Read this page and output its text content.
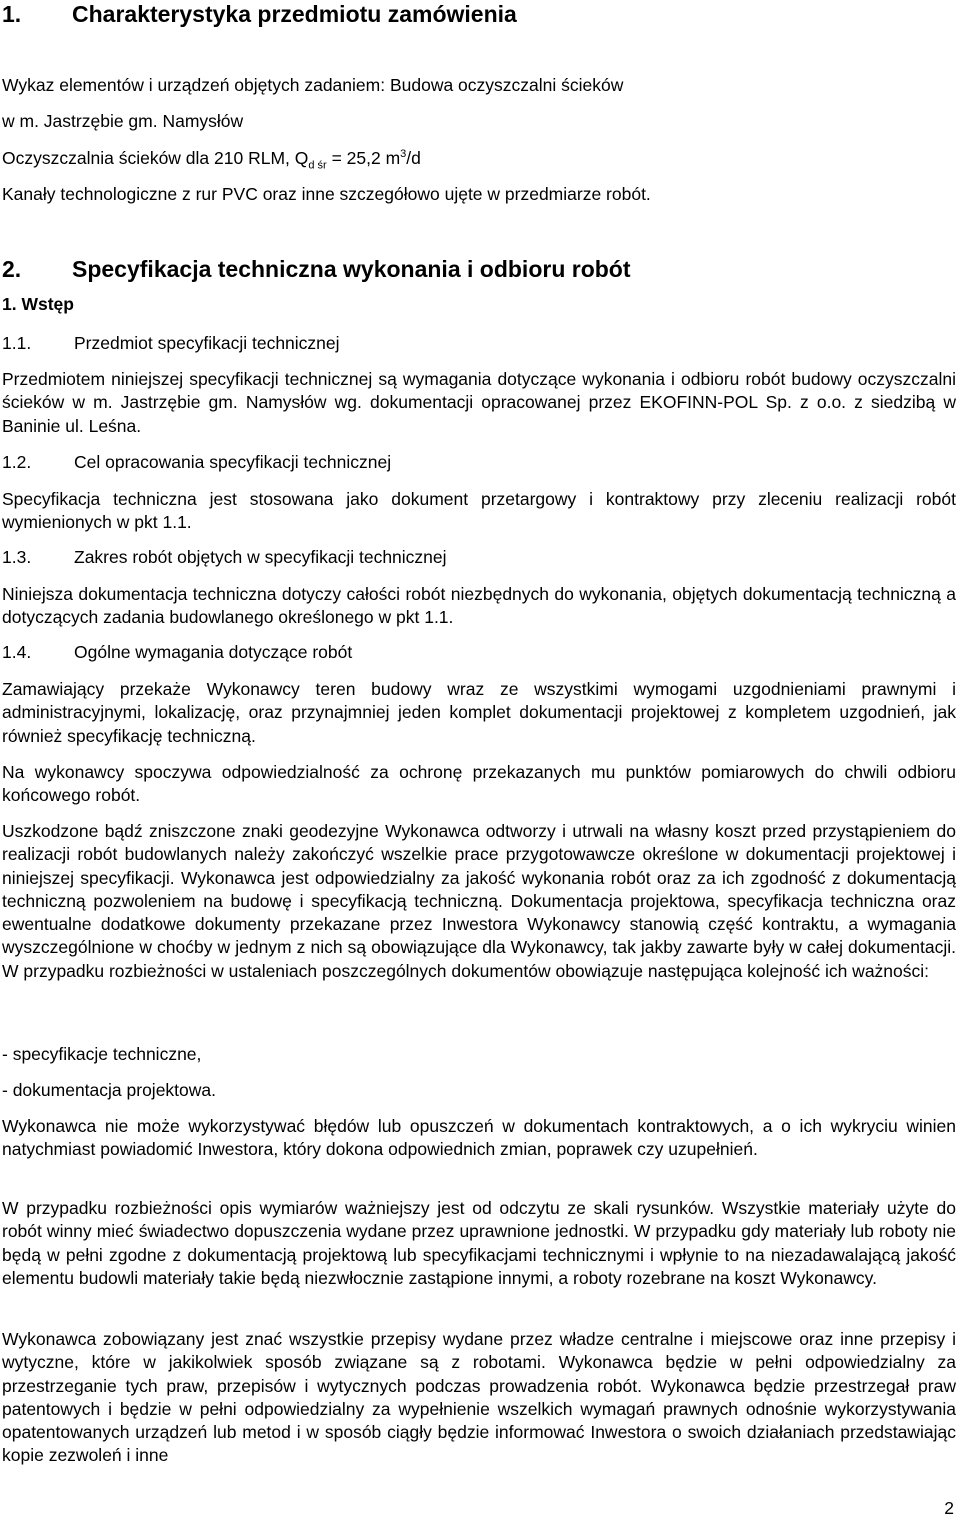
1. Charakterystyka przedmiotu zamówienia
Wykaz elementów i urządzeń objętych zadaniem: Budowa oczyszczalni ścieków
w m. Jastrzębie gm. Namysłów
Oczyszczalnia ścieków dla 210 RLM, $Q_{d śr} = 25,2$ $m^3/d$
Kanały technologiczne z rur PVC oraz inne szczegółowo ujęte w przedmiarze robót.
2. Specyfikacja techniczna wykonania i odbioru robót
1. Wstęp
1.1. Przedmiot specyfikacji technicznej
Przedmiotem niniejszej specyfikacji technicznej są wymagania dotyczące wykonania i odbioru robót budowy oczyszczalni ścieków w m. Jastrzębie gm. Namysłów wg. dokumentacji opracowanej przez EKOFINN-POL Sp. z o.o. z siedzibą w Baninie ul. Leśna.
1.2. Cel opracowania specyfikacji technicznej
Specyfikacja techniczna jest stosowana jako dokument przetargowy i kontraktowy przy zleceniu realizacji robót wymienionych w pkt 1.1.
1.3. Zakres robót objętych w specyfikacji technicznej
Niniejsza dokumentacja techniczna dotyczy całości robót niezbędnych do wykonania, objętych dokumentacją techniczną a dotyczących zadania budowlanego określonego w pkt 1.1.
1.4. Ogólne wymagania dotyczące robót
Zamawiający przekaże Wykonawcy teren budowy wraz ze wszystkimi wymogami uzgodnieniami prawnymi i administracyjnymi, lokalizację, oraz przynajmniej jeden komplet dokumentacji projektowej z kompletem uzgodnień, jak również specyfikację techniczną.
Na wykonawcy spoczywa odpowiedzialność za ochronę przekazanych mu punktów pomiarowych do chwili odbioru końcowego robót.
Uszkodzone bądź zniszczone znaki geodezyjne Wykonawca odtworzy i utrwali na własny koszt przed przystąpieniem do realizacji robót budowlanych należy zakończyć wszelkie prace przygotowawcze określone w dokumentacji projektowej i niniejszej specyfikacji. Wykonawca jest odpowiedzialny za jakość wykonania robót oraz za ich zgodność z dokumentacją techniczną pozwoleniem na budowę i specyfikacją techniczną. Dokumentacja projektowa, specyfikacja techniczna oraz ewentualne dodatkowe dokumenty przekazane przez Inwestora Wykonawcy stanowią część kontraktu, a wymagania wyszczególnione w choćby w jednym z nich są obowiązujące dla Wykonawcy, tak jakby zawarte były w całej dokumentacji. W przypadku rozbieżności w ustaleniach poszczególnych dokumentów obowiązuje następująca kolejność ich ważności:
- specyfikacje techniczne,
- dokumentacja projektowa.
Wykonawca nie może wykorzystywać błędów lub opuszczeń w dokumentach kontraktowych, a o ich wykryciu winien natychmiast powiadomić Inwestora, który dokona odpowiednich zmian, poprawek czy uzupełnień.
W przypadku rozbieżności opis wymiarów ważniejszy jest od odczytu ze skali rysunków. Wszystkie materiały użyte do robót winny mieć świadectwo dopuszczenia wydane przez uprawnione jednostki. W przypadku gdy materiały lub roboty nie będą w pełni zgodne z dokumentacją projektową lub specyfikacjami technicznymi i wpłynie to na niezadawalającą jakość elementu budowli materiały takie będą niezwłocznie zastąpione innymi, a roboty rozebrane na koszt Wykonawcy.
Wykonawca zobowiązany jest znać wszystkie przepisy wydane przez władze centralne i miejscowe oraz inne przepisy i wytyczne, które w jakikolwiek sposób związane są z robotami. Wykonawca będzie w pełni odpowiedzialny za przestrzeganie tych praw, przepisów i wytycznych podczas prowadzenia robót. Wykonawca będzie przestrzegał praw patentowych i będzie w pełni odpowiedzialny za wypełnienie wszelkich wymagań prawnych odnośnie wykorzystywania opatentowanych urządzeń lub metod i w sposób ciągły będzie informować Inwestora o swoich działaniach przedstawiając kopie zezwoleń i inne
2
